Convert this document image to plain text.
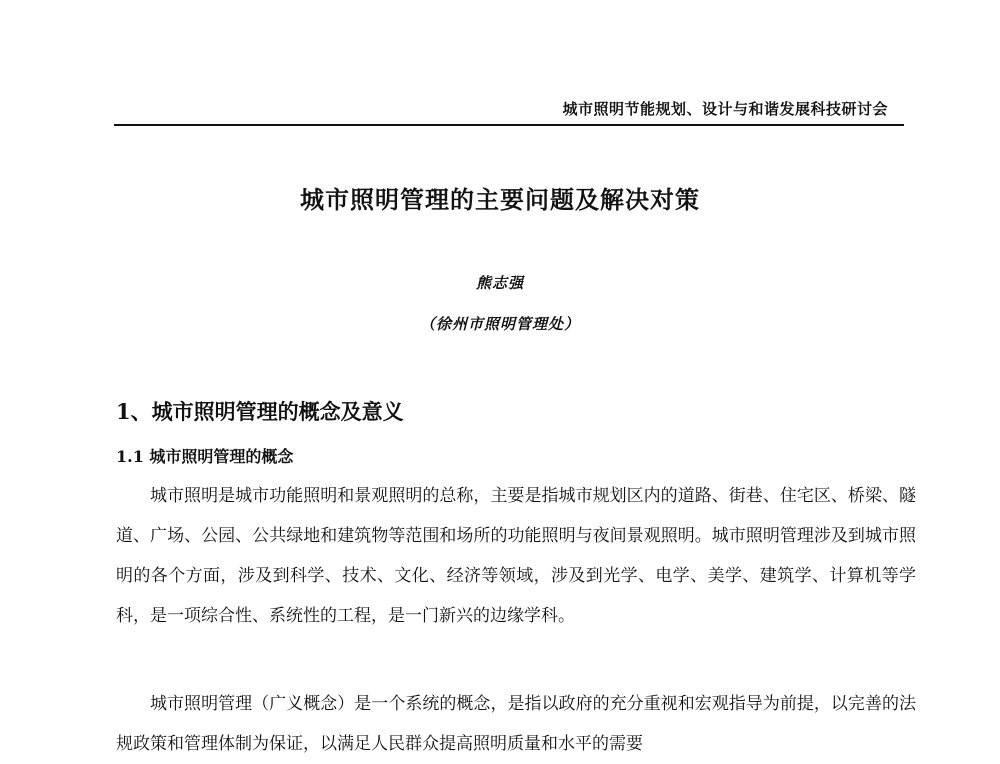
城市照明节能规划、设计与和谐发展科技研讨会
城市照明管理的主要问题及解决对策
熊志强
（徐州市照明管理处）
1、城市照明管理的概念及意义
1.1 城市照明管理的概念

城市照明是城市功能照明和景观照明的总称，主要是指城市规划区内的道路、街巷、住宅区、桥梁、隧道、广场、公园、公共绿地和建筑物等范围和场所的功能照明与夜间景观照明。城市照明管理涉及到城市照明的各个方面，涉及到科学、技术、文化、经济等领域，涉及到光学、电学、美学、建筑学、计算机等学科，是一项综合性、系统性的工程，是一门新兴的边缘学科。

城市照明管理（广义概念）是一个系统的概念，是指以政府的充分重视和宏观指导为前提，以完善的法规政策和管理体制为保证，以满足人民群众提高照明质量和水平的需要
